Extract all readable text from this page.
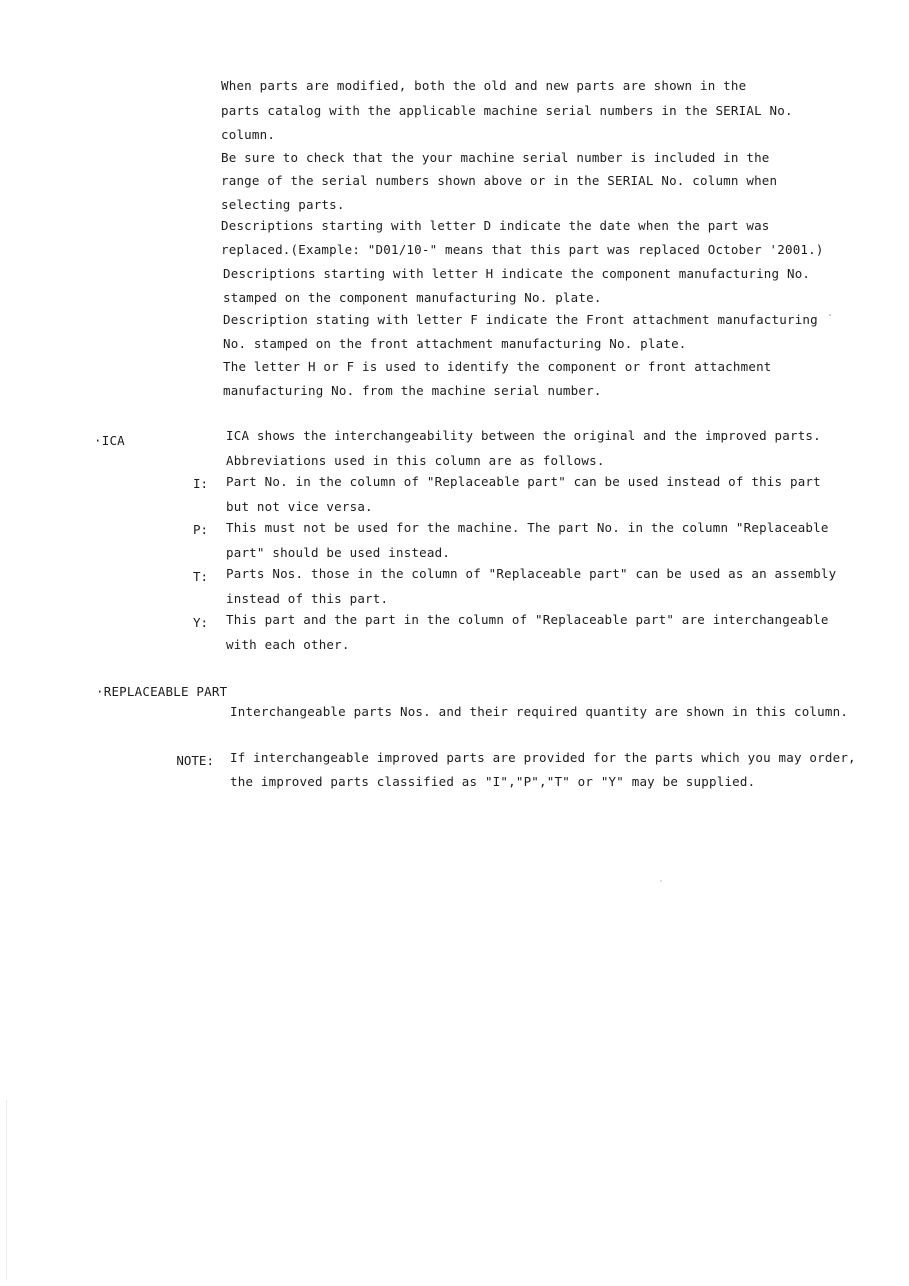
When parts are modified, both the old and new parts are shown in the
parts catalog with the applicable machine serial numbers in the SERIAL No.
column.
Be sure to check that the your machine serial number is included in the
range of the serial numbers shown above or in the SERIAL No. column when
selecting parts.
Descriptions starting with letter D indicate the date when the part was
replaced.(Example: "D01/10-" means that this part was replaced October '2001.)
Descriptions starting with letter H indicate the component manufacturing No.
stamped on the component manufacturing No. plate.
Description stating with letter F indicate the Front attachment manufacturing
No. stamped on the front attachment manufacturing No. plate.
The letter H or F is used to identify the component or front attachment
manufacturing No. from the machine serial number.
·ICA	ICA shows the interchangeability between the original and the improved parts.
Abbreviations used in this column are as follows.
I: Part No. in the column of "Replaceable part" can be used instead of this part
but not vice versa.
P: This must not be used for the machine. The part No. in the column "Replaceable
part" should be used instead.
T: Parts Nos. those in the column of "Replaceable part" can be used as an assembly
instead of this part.
Y: This part and the part in the column of "Replaceable part" are interchangeable
with each other.
·REPLACEABLE PART
Interchangeable parts Nos. and their required quantity are shown in this column.
NOTE: If interchangeable improved parts are provided for the parts which you may order,
the improved parts classified as "I","P","T" or "Y" may be supplied.
